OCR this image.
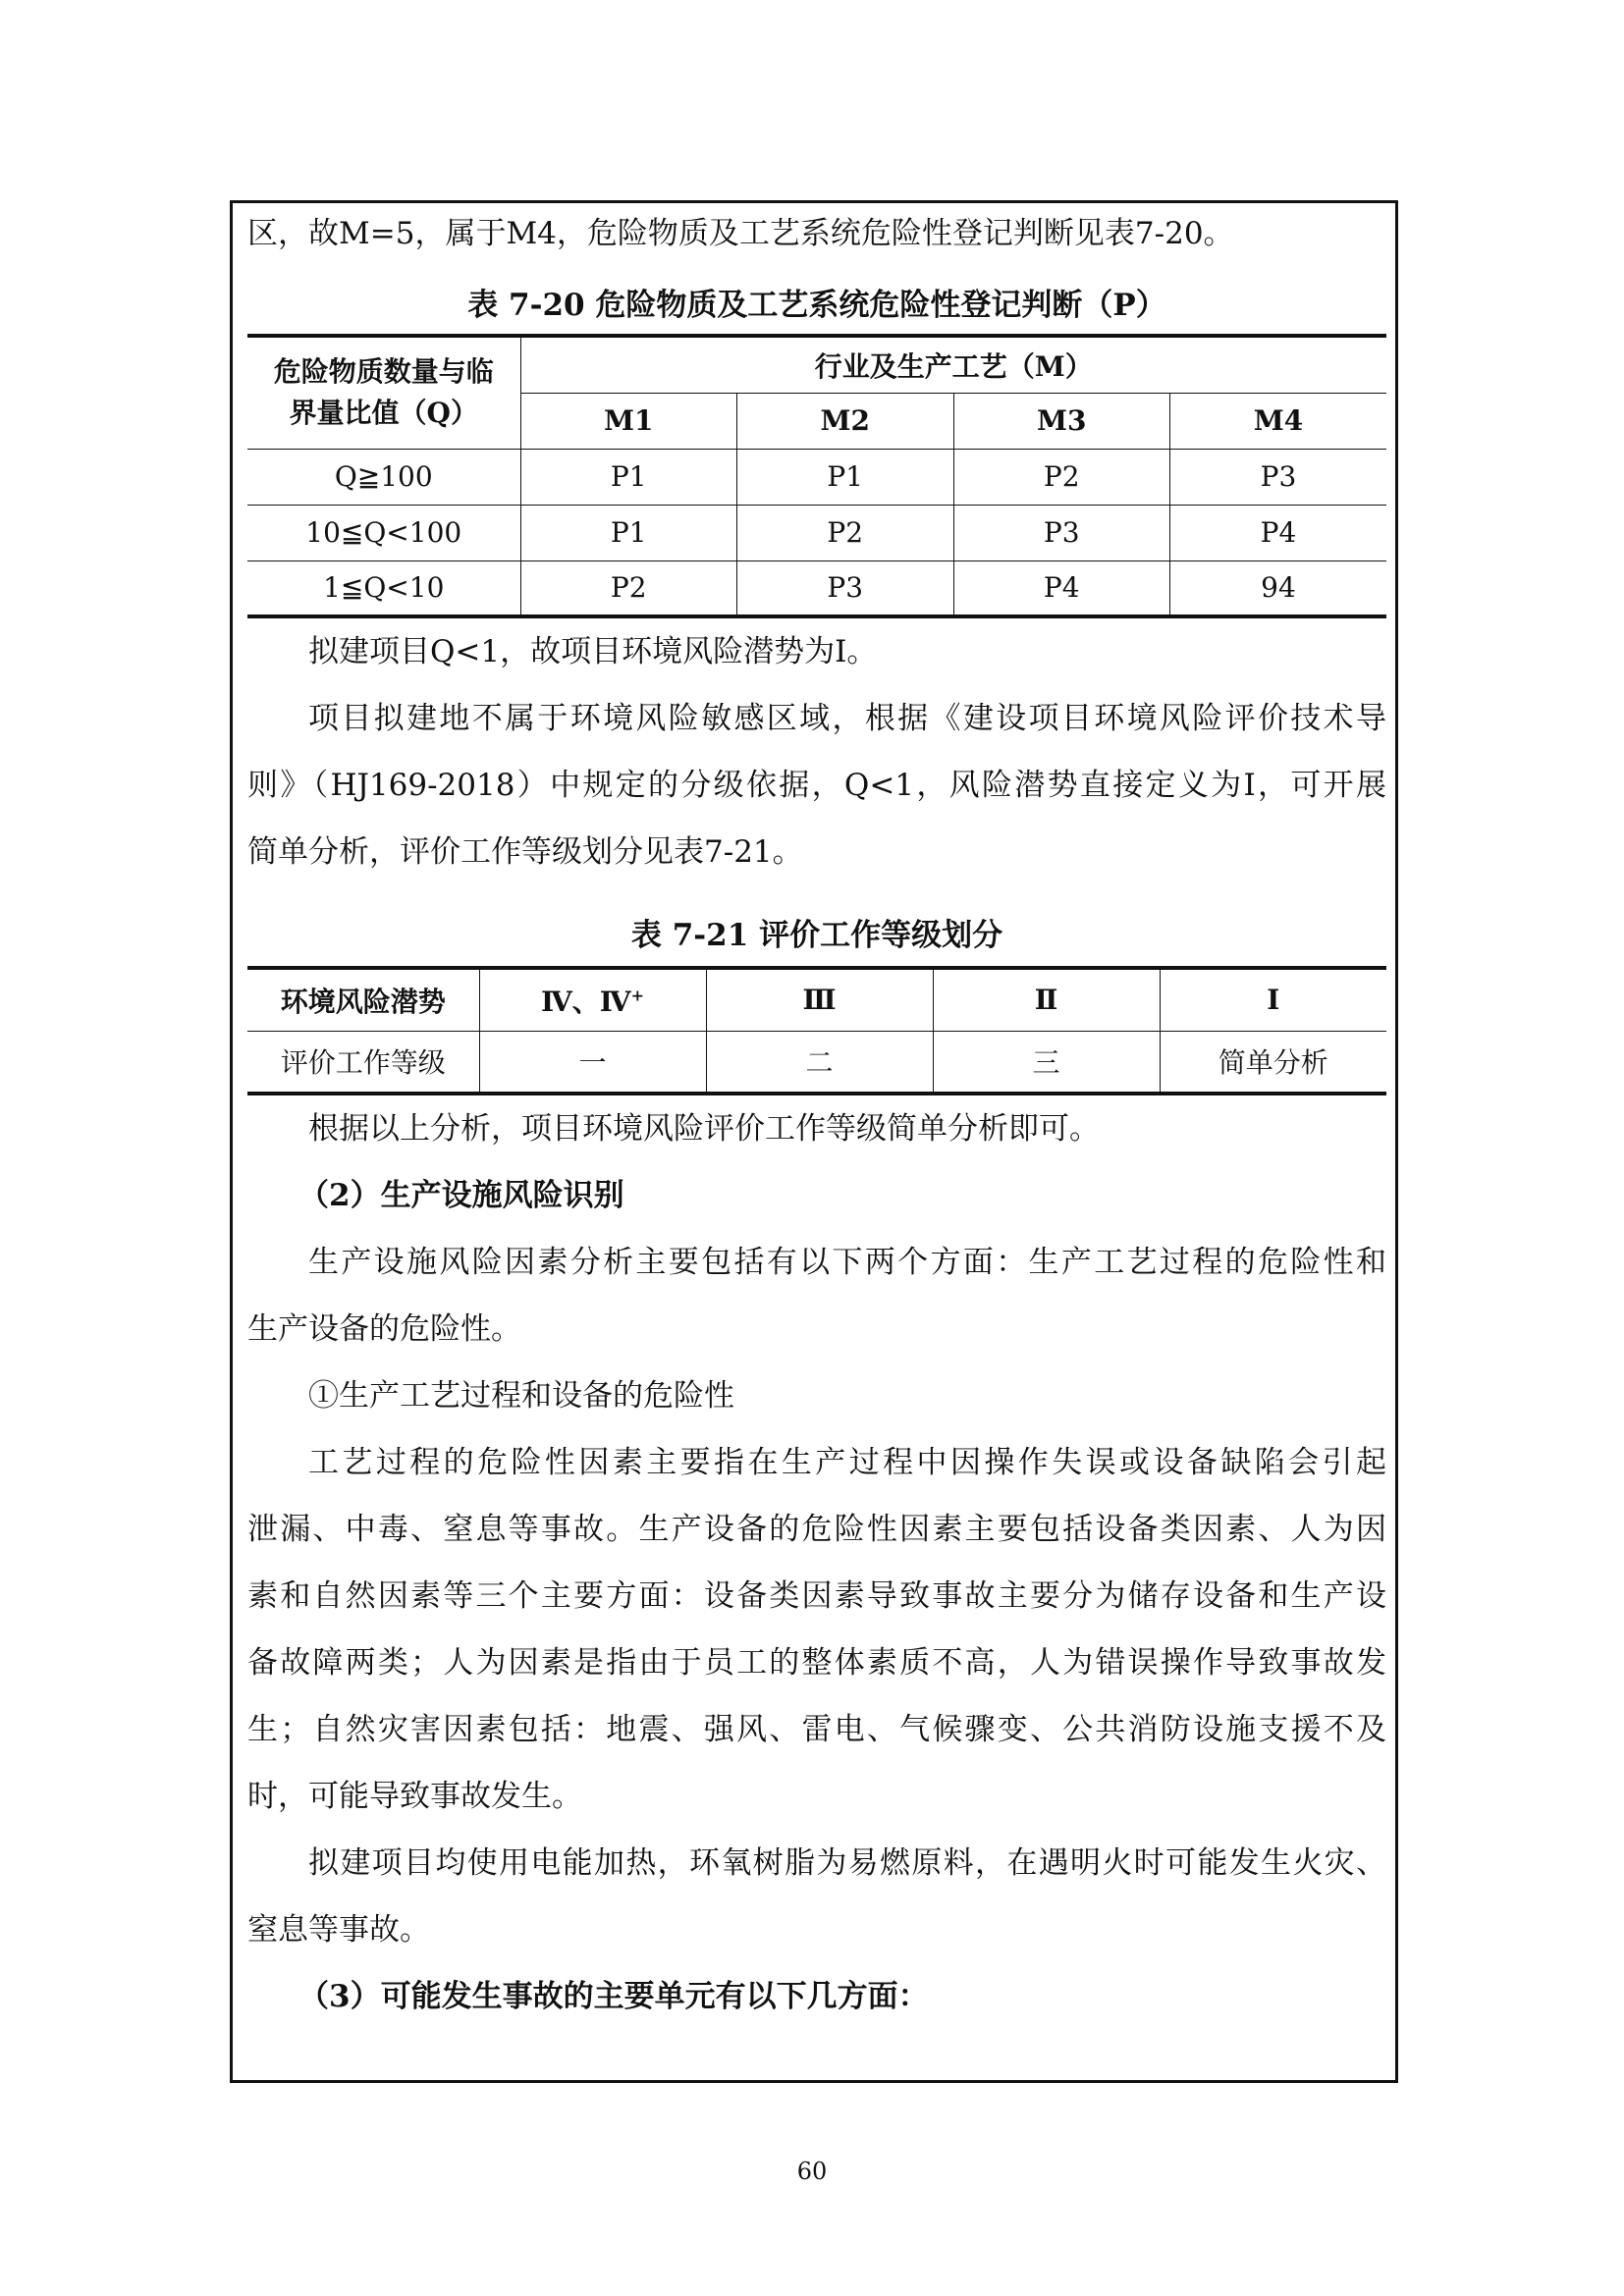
区，故M=5，属于M4，危险物质及工艺系统危险性登记判断见表7-20。

表 7-20 危险物质及工艺系统危险性登记判断（P）

危险物质数量与临
界量比值（Q）	行业及生产工艺（M）			
	M1	M2	M3	M4
Q≧100	P1	P1	P2	P3
10≦Q<100	P1	P2	P3	P4
1≦Q<10	P2	P3	P4	94

拟建项目Q<1，故项目环境风险潜势为I。

项目拟建地不属于环境风险敏感区域，根据《建设项目环境风险评价技术导

则》（HJ169-2018）中规定的分级依据，Q<1，风险潜势直接定义为Ⅰ，可开展

简单分析，评价工作等级划分见表7-21。

表 7-21 评价工作等级划分

环境风险潜势	Ⅳ、Ⅳ+	Ⅲ	Ⅱ	Ⅰ
评价工作等级	一	二	三	简单分析

根据以上分析，项目环境风险评价工作等级简单分析即可。

（2）生产设施风险识别

生产设施风险因素分析主要包括有以下两个方面：生产工艺过程的危险性和

生产设备的危险性。

①生产工艺过程和设备的危险性

工艺过程的危险性因素主要指在生产过程中因操作失误或设备缺陷会引起

泄漏、中毒、窒息等事故。生产设备的危险性因素主要包括设备类因素、人为因

素和自然因素等三个主要方面：设备类因素导致事故主要分为储存设备和生产设

备故障两类；人为因素是指由于员工的整体素质不高，人为错误操作导致事故发

生；自然灾害因素包括：地震、强风、雷电、气候骤变、公共消防设施支援不及

时，可能导致事故发生。

拟建项目均使用电能加热，环氧树脂为易燃原料，在遇明火时可能发生火灾、

窒息等事故。

（3）可能发生事故的主要单元有以下几方面：

60
